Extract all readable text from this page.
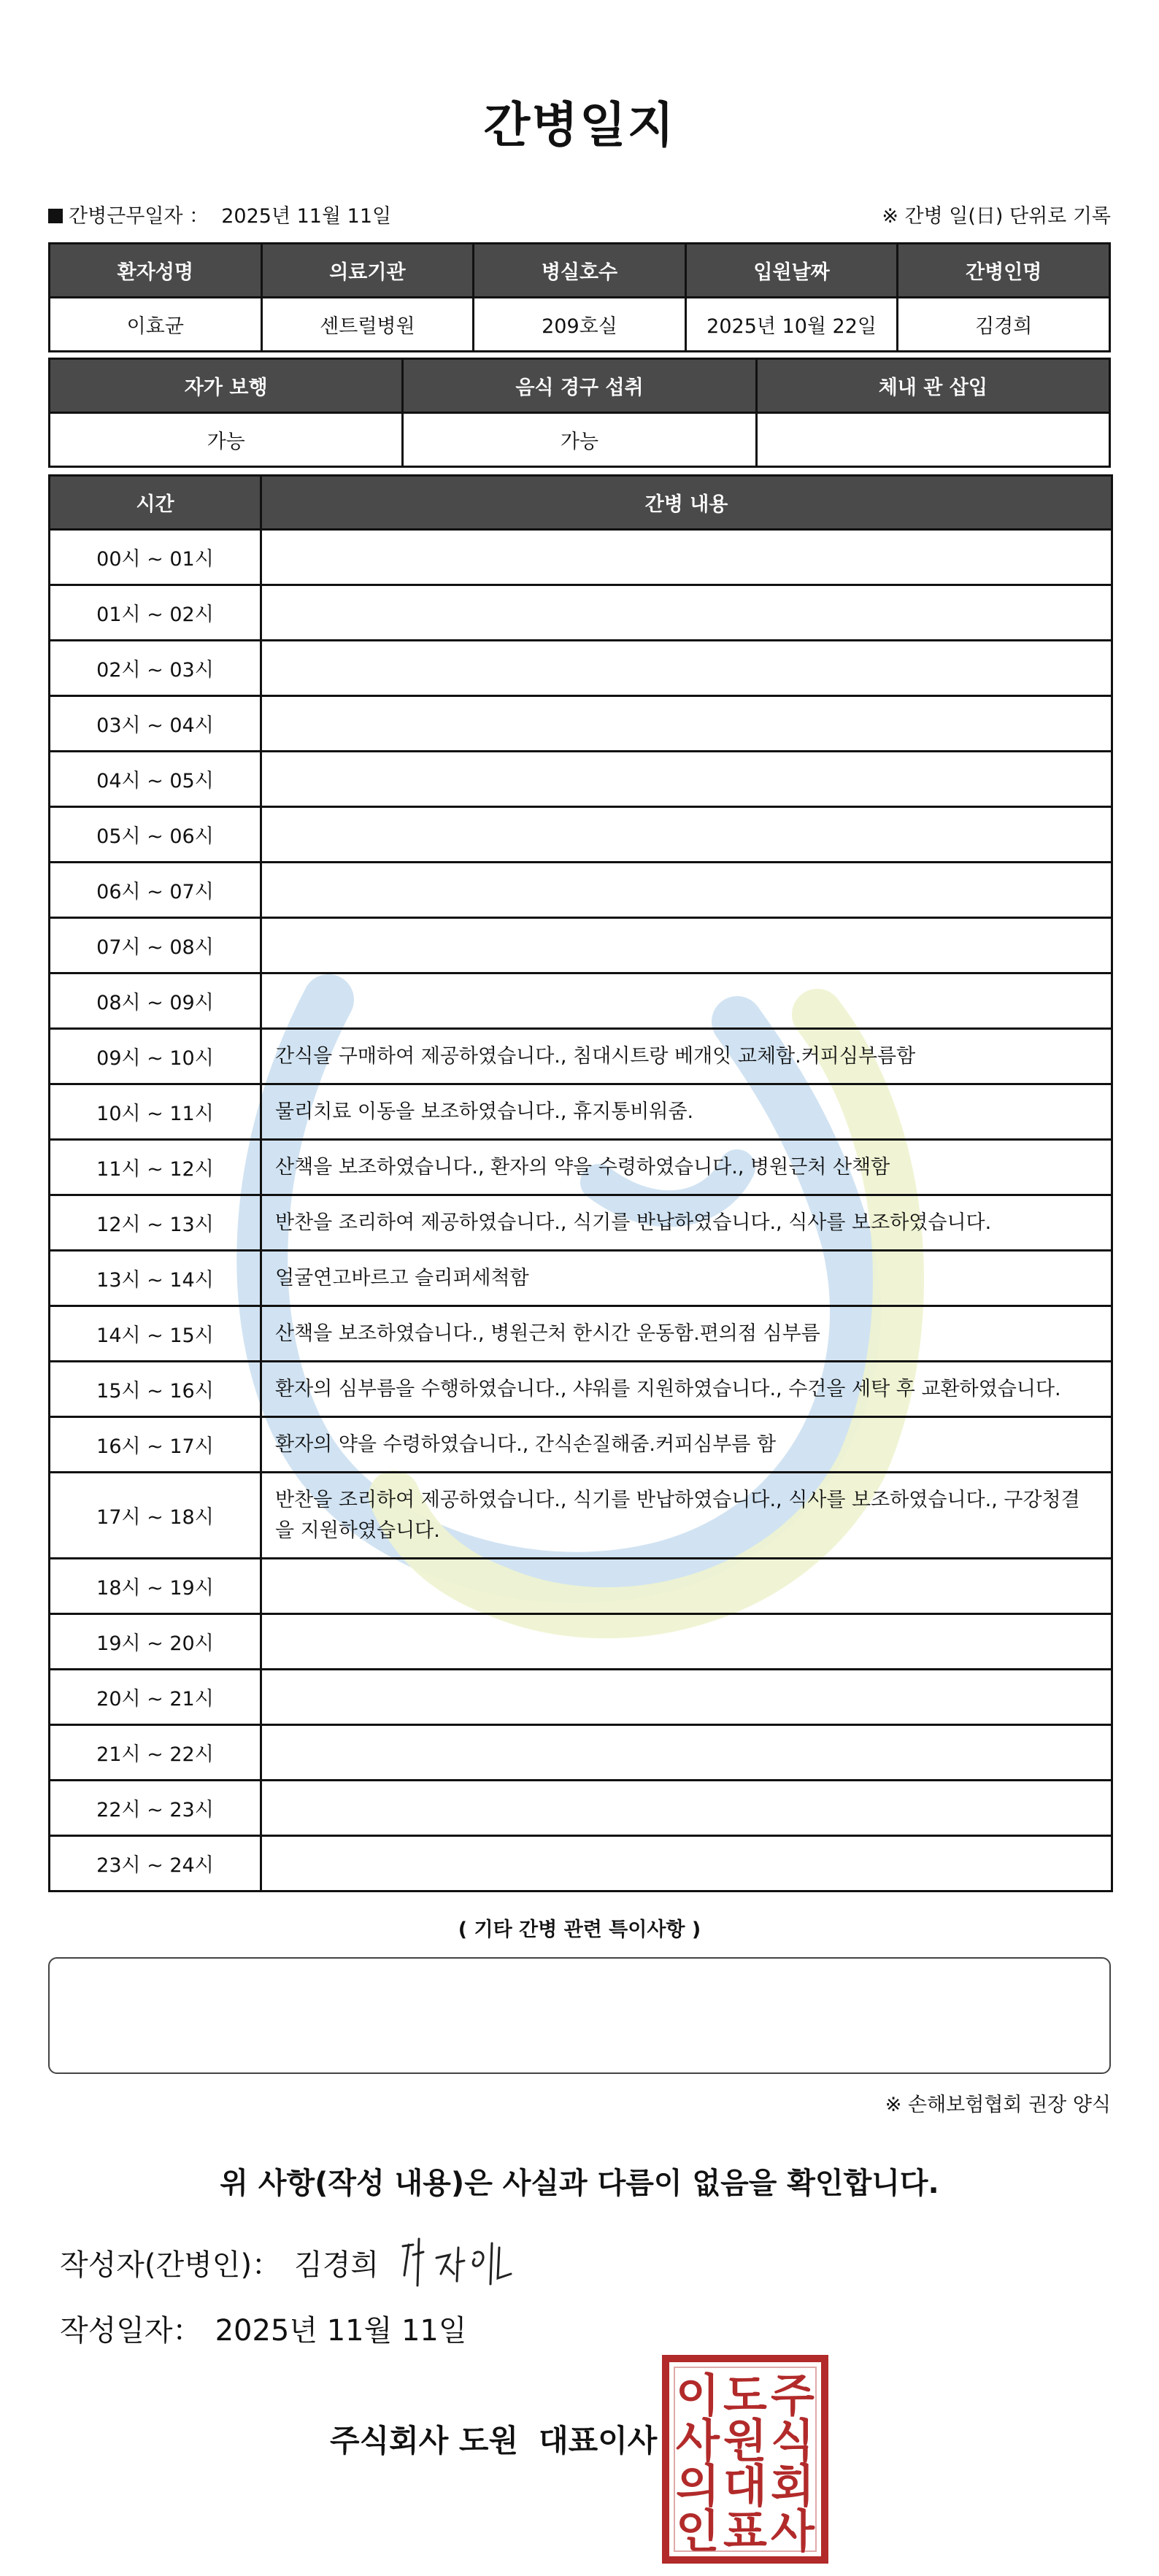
간병일지
간병근무일자 ： 2025년 11월 11일	※ 간병 일(日) 단위로 기록
환자성명	의료기관	병실호수	입원날짜	간병인명
이효균	센트럴병원	209호실	2025년 10월 22일	김경희
자가 보행	음식 경구 섭취	체내 관 삽입
가능	가능	
시간	간병 내용
00시 ~ 01시	
01시 ~ 02시	
02시 ~ 03시	
03시 ~ 04시	
04시 ~ 05시	
05시 ~ 06시	
06시 ~ 07시	
07시 ~ 08시	
08시 ~ 09시	
09시 ~ 10시	간식을 구매하여 제공하였습니다., 침대시트랑 베개잇 교체함.커피심부름함
10시 ~ 11시	물리치료 이동을 보조하였습니다., 휴지통비워줌.
11시 ~ 12시	산책을 보조하였습니다., 환자의 약을 수령하였습니다., 병원근처 산책함
12시 ~ 13시	반찬을 조리하여 제공하였습니다., 식기를 반납하였습니다., 식사를 보조하였습니다.
13시 ~ 14시	얼굴연고바르고 슬리퍼세척함
14시 ~ 15시	산책을 보조하였습니다., 병원근처 한시간 운동함.편의점 심부름
15시 ~ 16시	환자의 심부름을 수행하였습니다., 샤워를 지원하였습니다., 수건을 세탁 후 교환하였습니다.
16시 ~ 17시	환자의 약을 수령하였습니다., 간식손질해줌.커피심부름 함
17시 ~ 18시	반찬을 조리하여 제공하였습니다., 식기를 반납하였습니다., 식사를 보조하였습니다., 구강청결을 지원하였습니다.
18시 ~ 19시	
19시 ~ 20시	
20시 ~ 21시	
21시 ~ 22시	
22시 ~ 23시	
23시 ~ 24시	
( 기타 간병 관련 특이사항 )
※ 손해보험협회 권장 양식
위 사항(작성 내용)은 사실과 다름이 없음을 확인합니다.
작성자(간병인)： 김경희
작성일자： 2025년 11월 11일
주식회사 도원 대표이사
주
식
회
사
도
원
대
표
이
사
의
인
